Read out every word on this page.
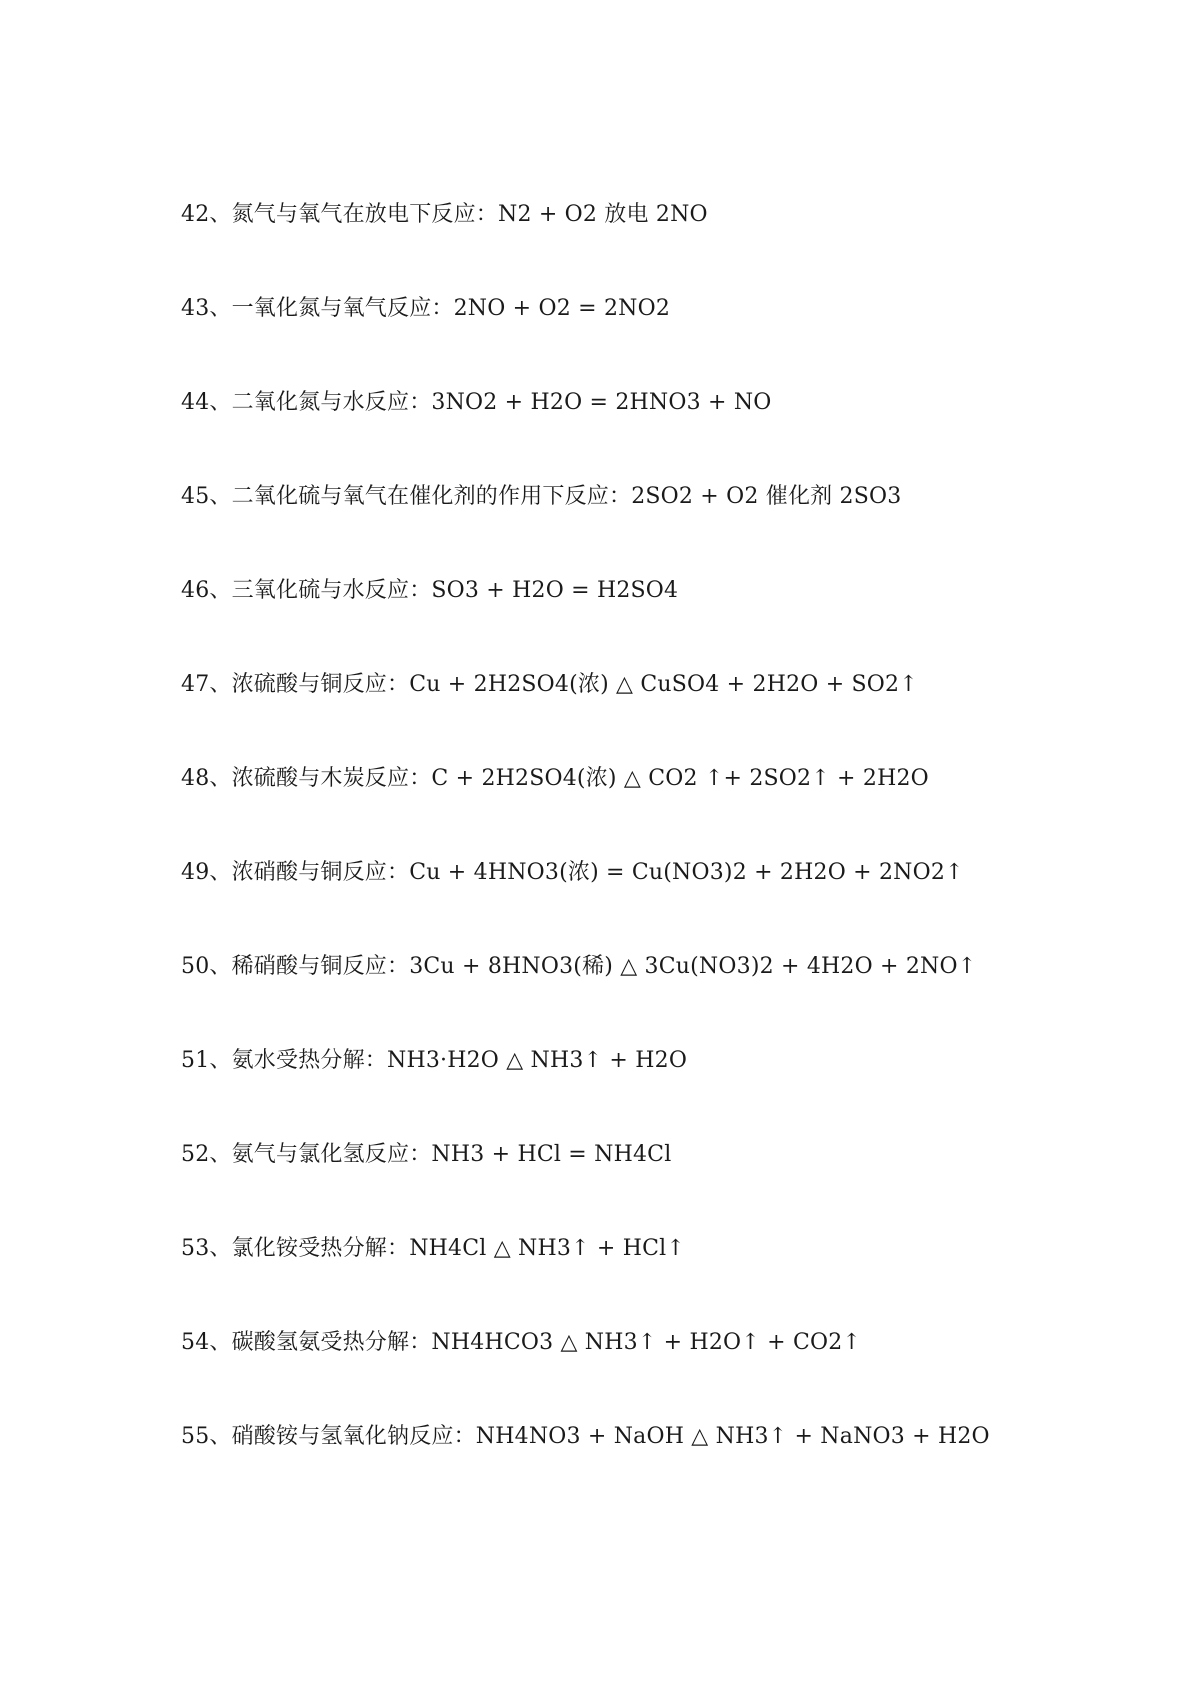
42、氮气与氧气在放电下反应：N2 + O2 放电 2NO
43、一氧化氮与氧气反应：2NO + O2 = 2NO2
44、二氧化氮与水反应：3NO2 + H2O = 2HNO3 + NO
45、二氧化硫与氧气在催化剂的作用下反应：2SO2 + O2 催化剂 2SO3
46、三氧化硫与水反应：SO3 + H2O = H2SO4
47、浓硫酸与铜反应：Cu + 2H2SO4(浓) △ CuSO4 + 2H2O + SO2↑
48、浓硫酸与木炭反应：C + 2H2SO4(浓) △ CO2 ↑+ 2SO2↑ + 2H2O
49、浓硝酸与铜反应：Cu + 4HNO3(浓) = Cu(NO3)2 + 2H2O + 2NO2↑
50、稀硝酸与铜反应：3Cu + 8HNO3(稀) △ 3Cu(NO3)2 + 4H2O + 2NO↑
51、氨水受热分解：NH3·H2O △ NH3↑ + H2O
52、氨气与氯化氢反应：NH3 + HCl = NH4Cl
53、氯化铵受热分解：NH4Cl △ NH3↑ + HCl↑
54、碳酸氢氨受热分解：NH4HCO3 △ NH3↑ + H2O↑ + CO2↑
55、硝酸铵与氢氧化钠反应：NH4NO3 + NaOH △ NH3↑ + NaNO3 + H2O
